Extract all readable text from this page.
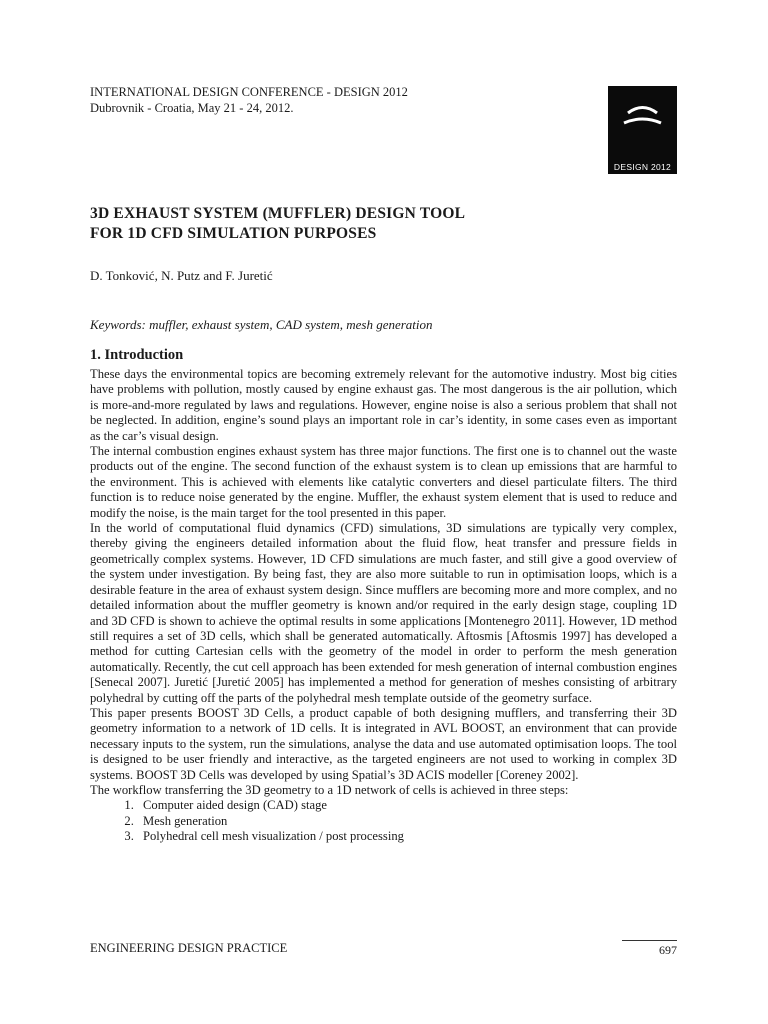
INTERNATIONAL DESIGN CONFERENCE - DESIGN 2012
Dubrovnik - Croatia, May 21 - 24, 2012.
DESIGN 2012
3D EXHAUST SYSTEM (MUFFLER) DESIGN TOOL
FOR 1D CFD SIMULATION PURPOSES
D. Tonković, N. Putz and F. Juretić
Keywords: muffler, exhaust system, CAD system, mesh generation
1. Introduction

These days the environmental topics are becoming extremely relevant for the automotive industry. Most big cities have problems with pollution, mostly caused by engine exhaust gas. The most dangerous is the air pollution, which is more-and-more regulated by laws and regulations. However, engine noise is also a serious problem that shall not be neglected. In addition, engine’s sound plays an important role in car’s identity, in some cases even as important as the car’s visual design.

The internal combustion engines exhaust system has three major functions. The first one is to channel out the waste products out of the engine. The second function of the exhaust system is to clean up emissions that are harmful to the environment. This is achieved with elements like catalytic converters and diesel particulate filters. The third function is to reduce noise generated by the engine. Muffler, the exhaust system element that is used to reduce and modify the noise, is the main target for the tool presented in this paper.

In the world of computational fluid dynamics (CFD) simulations, 3D simulations are typically very complex, thereby giving the engineers detailed information about the fluid flow, heat transfer and pressure fields in geometrically complex systems. However, 1D CFD simulations are much faster, and still give a good overview of the system under investigation. By being fast, they are also more suitable to run in optimisation loops, which is a desirable feature in the area of exhaust system design. Since mufflers are becoming more and more complex, and no detailed information about the muffler geometry is known and/or required in the early design stage, coupling 1D and 3D CFD is shown to achieve the optimal results in some applications [Montenegro 2011]. However, 1D method still requires a set of 3D cells, which shall be generated automatically. Aftosmis [Aftosmis 1997] has developed a method for cutting Cartesian cells with the geometry of the model in order to perform the mesh generation automatically. Recently, the cut cell approach has been extended for mesh generation of internal combustion engines [Senecal 2007]. Juretić [Juretić 2005] has implemented a method for generation of meshes consisting of arbitrary polyhedral by cutting off the parts of the polyhedral mesh template outside of the geometry surface.

This paper presents BOOST 3D Cells, a product capable of both designing mufflers, and transferring their 3D geometry information to a network of 1D cells. It is integrated in AVL BOOST, an environment that can provide necessary inputs to the system, run the simulations, analyse the data and use automated optimisation loops. The tool is designed to be user friendly and interactive, as the targeted engineers are not used to working in complex 3D systems. BOOST 3D Cells was developed by using Spatial’s 3D ACIS modeller [Coreney 2002].

The workflow transferring the 3D geometry to a 1D network of cells is achieved in three steps:

1. Computer aided design (CAD) stage
2. Mesh generation
3. Polyhedral cell mesh visualization / post processing
ENGINEERING DESIGN PRACTICE	697
